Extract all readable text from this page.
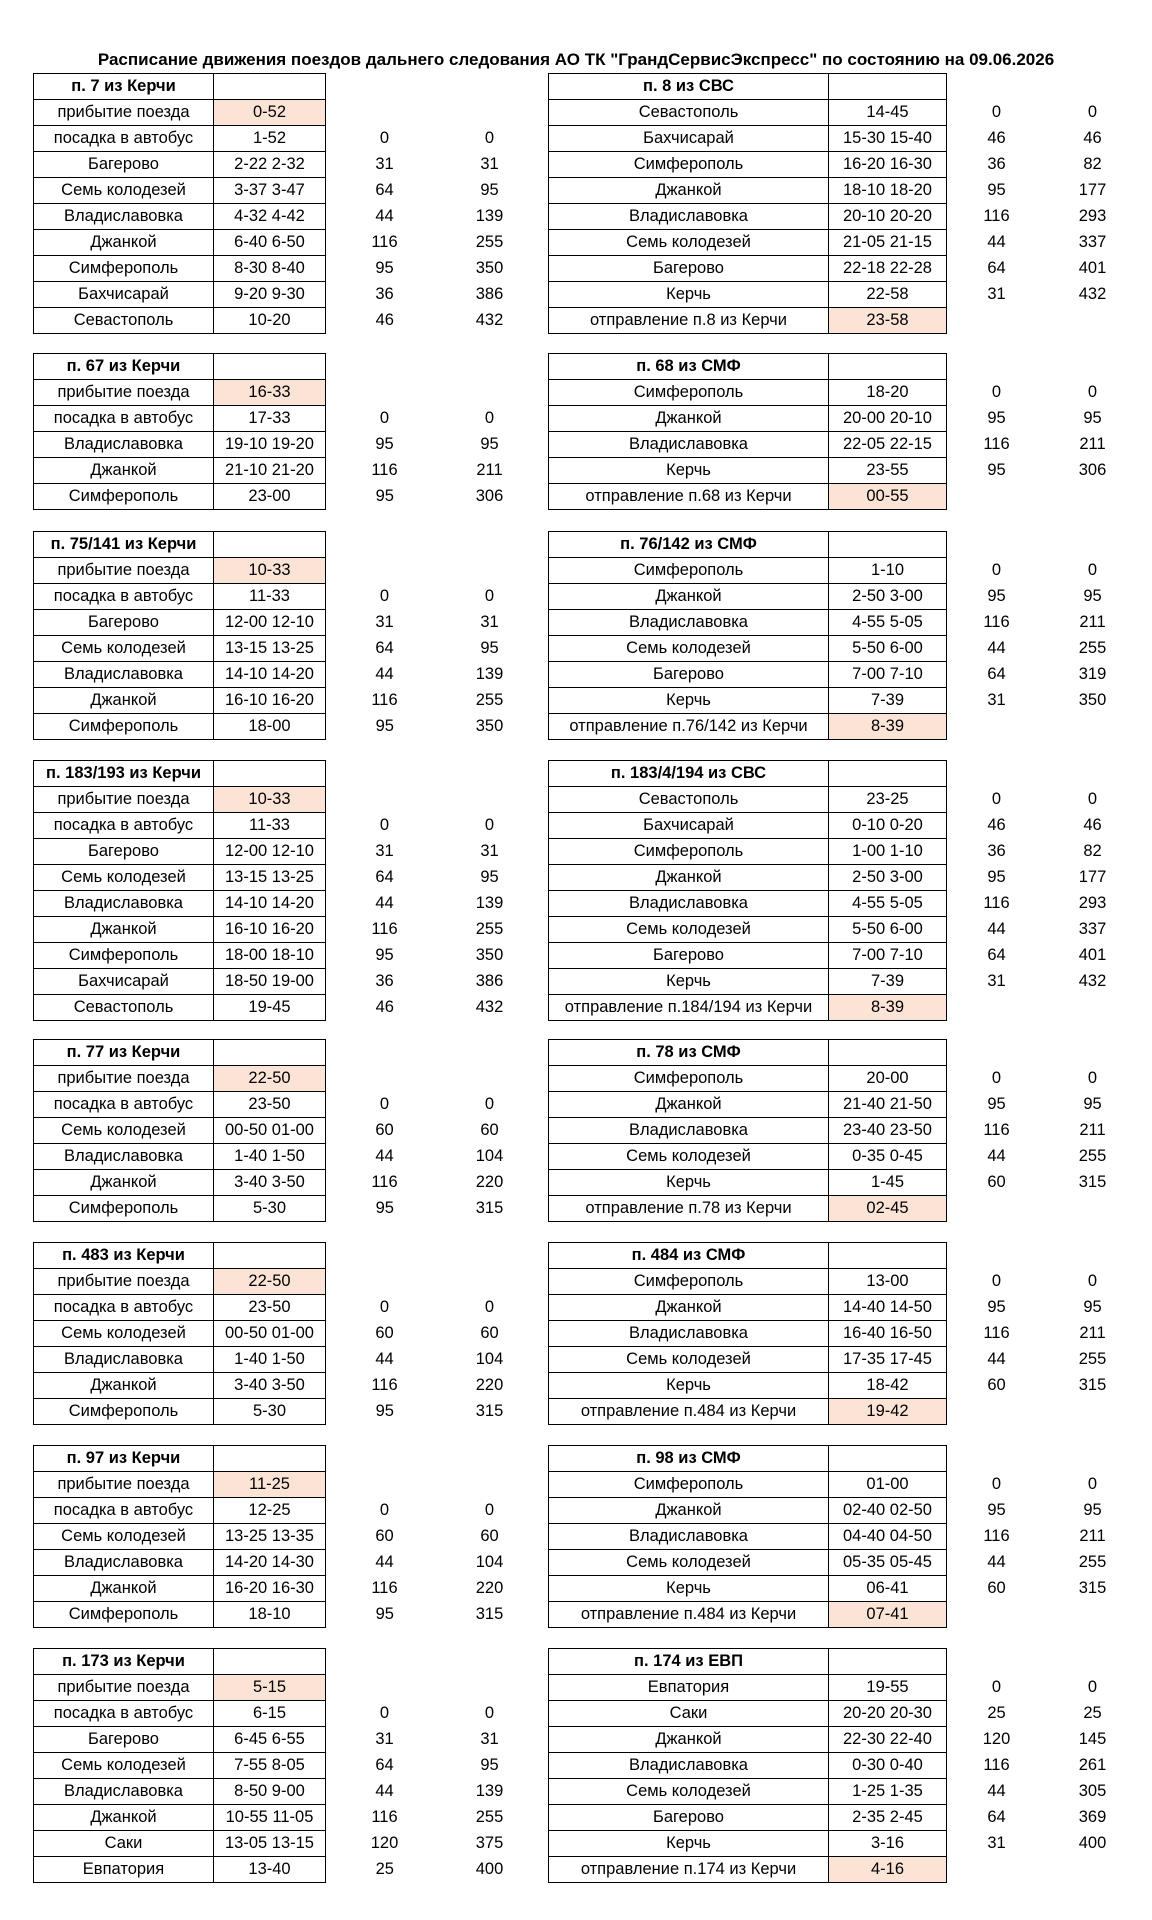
Расписание движения поездов дальнего следования АО ТК "ГрандСервисЭкспресс" по состоянию на 09.06.2026
п. 7 из Керчи			
прибытие поезда	0-52		
посадка в автобус	1-52	0	0
Багерово	2-22 2-32	31	31
Семь колодезей	3-37 3-47	64	95
Владиславовка	4-32 4-42	44	139
Джанкой	6-40 6-50	116	255
Симферополь	8-30 8-40	95	350
Бахчисарай	9-20 9-30	36	386
Севастополь	10-20	46	432
п. 8 из СВС			
Севастополь	14-45	0	0
Бахчисарай	15-30 15-40	46	46
Симферополь	16-20 16-30	36	82
Джанкой	18-10 18-20	95	177
Владиславовка	20-10 20-20	116	293
Семь колодезей	21-05 21-15	44	337
Багерово	22-18 22-28	64	401
Керчь	22-58	31	432
отправление п.8 из Керчи	23-58		
п. 67 из Керчи			
прибытие поезда	16-33		
посадка в автобус	17-33	0	0
Владиславовка	19-10 19-20	95	95
Джанкой	21-10 21-20	116	211
Симферополь	23-00	95	306
п. 68 из СМФ			
Симферополь	18-20	0	0
Джанкой	20-00 20-10	95	95
Владиславовка	22-05 22-15	116	211
Керчь	23-55	95	306
отправление п.68 из Керчи	00-55		
п. 75/141 из Керчи			
прибытие поезда	10-33		
посадка в автобус	11-33	0	0
Багерово	12-00 12-10	31	31
Семь колодезей	13-15 13-25	64	95
Владиславовка	14-10 14-20	44	139
Джанкой	16-10 16-20	116	255
Симферополь	18-00	95	350
п. 76/142 из СМФ			
Симферополь	1-10	0	0
Джанкой	2-50 3-00	95	95
Владиславовка	4-55 5-05	116	211
Семь колодезей	5-50 6-00	44	255
Багерово	7-00 7-10	64	319
Керчь	7-39	31	350
отправление п.76/142 из Керчи	8-39		
п. 183/193 из Керчи			
прибытие поезда	10-33		
посадка в автобус	11-33	0	0
Багерово	12-00 12-10	31	31
Семь колодезей	13-15 13-25	64	95
Владиславовка	14-10 14-20	44	139
Джанкой	16-10 16-20	116	255
Симферополь	18-00 18-10	95	350
Бахчисарай	18-50 19-00	36	386
Севастополь	19-45	46	432
п. 183/4/194 из СВС			
Севастополь	23-25	0	0
Бахчисарай	0-10 0-20	46	46
Симферополь	1-00 1-10	36	82
Джанкой	2-50 3-00	95	177
Владиславовка	4-55 5-05	116	293
Семь колодезей	5-50 6-00	44	337
Багерово	7-00 7-10	64	401
Керчь	7-39	31	432
отправление п.184/194 из Керчи	8-39		
п. 77 из Керчи			
прибытие поезда	22-50		
посадка в автобус	23-50	0	0
Семь колодезей	00-50 01-00	60	60
Владиславовка	1-40 1-50	44	104
Джанкой	3-40 3-50	116	220
Симферополь	5-30	95	315
п. 78 из СМФ			
Симферополь	20-00	0	0
Джанкой	21-40 21-50	95	95
Владиславовка	23-40 23-50	116	211
Семь колодезей	0-35 0-45	44	255
Керчь	1-45	60	315
отправление п.78 из Керчи	02-45		
п. 483 из Керчи			
прибытие поезда	22-50		
посадка в автобус	23-50	0	0
Семь колодезей	00-50 01-00	60	60
Владиславовка	1-40 1-50	44	104
Джанкой	3-40 3-50	116	220
Симферополь	5-30	95	315
п. 484 из СМФ			
Симферополь	13-00	0	0
Джанкой	14-40 14-50	95	95
Владиславовка	16-40 16-50	116	211
Семь колодезей	17-35 17-45	44	255
Керчь	18-42	60	315
отправление п.484 из Керчи	19-42		
п. 97 из Керчи			
прибытие поезда	11-25		
посадка в автобус	12-25	0	0
Семь колодезей	13-25 13-35	60	60
Владиславовка	14-20 14-30	44	104
Джанкой	16-20 16-30	116	220
Симферополь	18-10	95	315
п. 98 из СМФ			
Симферополь	01-00	0	0
Джанкой	02-40 02-50	95	95
Владиславовка	04-40 04-50	116	211
Семь колодезей	05-35 05-45	44	255
Керчь	06-41	60	315
отправление п.484 из Керчи	07-41		
п. 173 из Керчи			
прибытие поезда	5-15		
посадка в автобус	6-15	0	0
Багерово	6-45 6-55	31	31
Семь колодезей	7-55 8-05	64	95
Владиславовка	8-50 9-00	44	139
Джанкой	10-55 11-05	116	255
Саки	13-05 13-15	120	375
Евпатория	13-40	25	400
п. 174 из ЕВП			
Евпатория	19-55	0	0
Саки	20-20 20-30	25	25
Джанкой	22-30 22-40	120	145
Владиславовка	0-30 0-40	116	261
Семь колодезей	1-25 1-35	44	305
Багерово	2-35 2-45	64	369
Керчь	3-16	31	400
отправление п.174 из Керчи	4-16		
